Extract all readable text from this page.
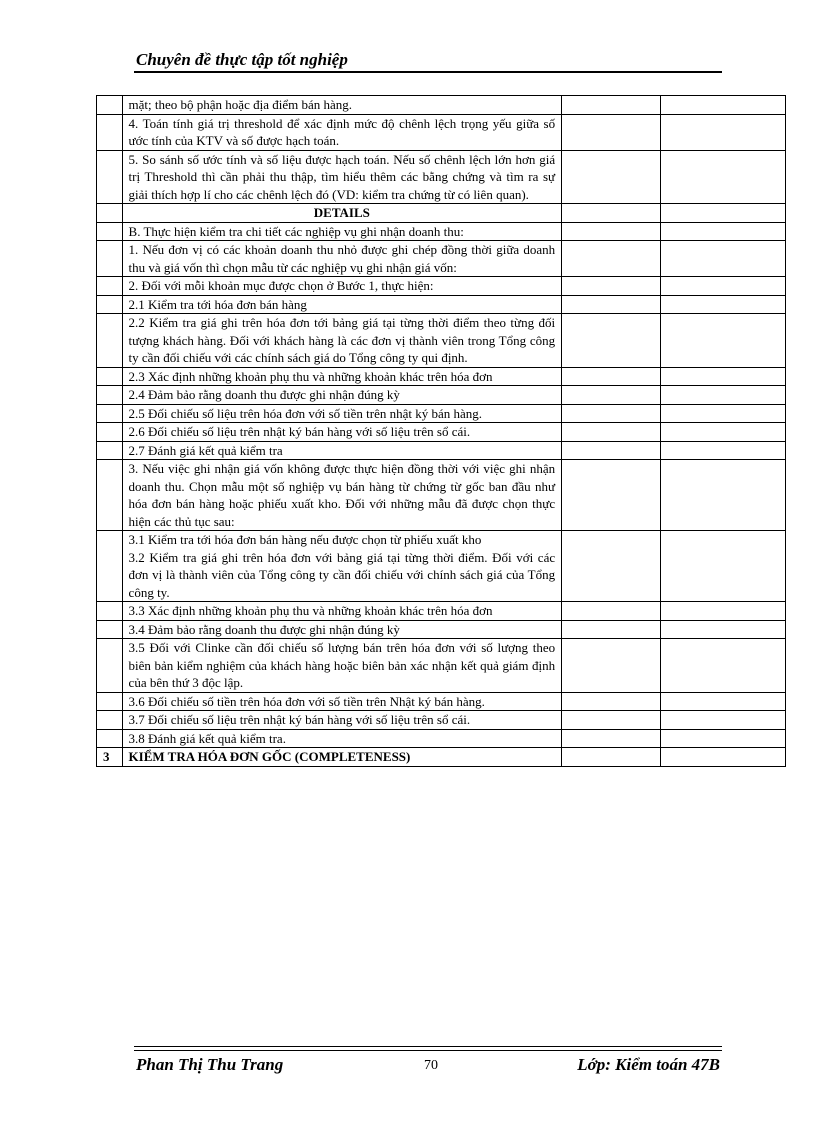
Chuyên đề thực tập tốt nghiệp
	mặt; theo bộ phận hoặc địa điểm bán hàng.		
	4. Toán tính giá trị threshold để xác định mức độ chênh lệch trọng yếu giữa số ước tính của KTV và số được hạch toán.		
	5. So sánh số ước tính và số liệu được hạch toán. Nếu số chênh lệch lớn hơn giá trị Threshold thì cần phải thu thập, tìm hiểu thêm các bằng chứng và tìm ra sự giải thích hợp lí cho các chênh lệch đó (VD: kiểm tra chứng từ có liên quan).		
	DETAILS		
	B. Thực hiện kiểm tra chi tiết các nghiệp vụ ghi nhận doanh thu:		
	1. Nếu đơn vị có các khoản doanh thu nhỏ được ghi chép đồng thời giữa doanh thu và giá vốn thì chọn mẫu từ các nghiệp vụ ghi nhận giá vốn:		
	2. Đối với mỗi khoản mục được chọn ở Bước 1, thực hiện:		
	2.1 Kiểm tra tới hóa đơn bán hàng		
	2.2 Kiểm tra giá ghi trên hóa đơn tới bảng giá tại từng thời điểm theo từng đối tượng khách hàng. Đối với khách hàng là các đơn vị thành viên trong Tổng công ty cần đối chiếu với các chính sách giá do Tổng công ty qui định.		
	2.3 Xác định những khoản phụ thu và những khoản khác trên hóa đơn		
	2.4 Đảm bảo rằng doanh thu được ghi nhận đúng kỳ		
	2.5 Đối chiếu số liệu trên hóa đơn với số tiền trên nhật ký bán hàng.		
	2.6 Đối chiếu số liệu trên nhật ký bán hàng với số liệu trên sổ cái.		
	2.7 Đánh giá kết quả kiểm tra		
	3. Nếu việc ghi nhận giá vốn không được thực hiện đồng thời với việc ghi nhận doanh thu. Chọn mẫu một số nghiệp vụ bán hàng từ chứng từ gốc ban đầu như hóa đơn bán hàng hoặc phiếu xuất kho. Đối với những mẫu đã được chọn thực hiện các thủ tục sau:		
	3.1 Kiểm tra tới hóa đơn bán hàng nếu được chọn từ phiếu xuất kho
3.2 Kiểm tra giá ghi trên hóa đơn với bảng giá tại từng thời điểm. Đối với các đơn vị là thành viên của Tổng công ty cần đối chiếu với chính sách giá của Tổng công ty.		
	3.3 Xác định những khoản phụ thu và những khoản khác trên hóa đơn		
	3.4 Đảm bảo rằng doanh thu được ghi nhận đúng kỳ		
	3.5 Đối với Clinke cần đối chiếu số lượng bán trên hóa đơn với số lượng theo biên bản kiểm nghiệm của khách hàng hoặc biên bản xác nhận kết quả giám định của bên thứ 3 độc lập.		
	3.6 Đối chiếu số tiền trên hóa đơn với số tiền trên Nhật ký bán hàng.		
	3.7 Đối chiếu số liệu trên nhật ký bán hàng với số liệu trên sổ cái.		
	3.8 Đánh giá kết quả kiểm tra.		
3	KIỂM TRA HÓA ĐƠN GỐC (COMPLETENESS)		
Phan Thị Thu Trang	70	Lớp: Kiểm toán 47B
